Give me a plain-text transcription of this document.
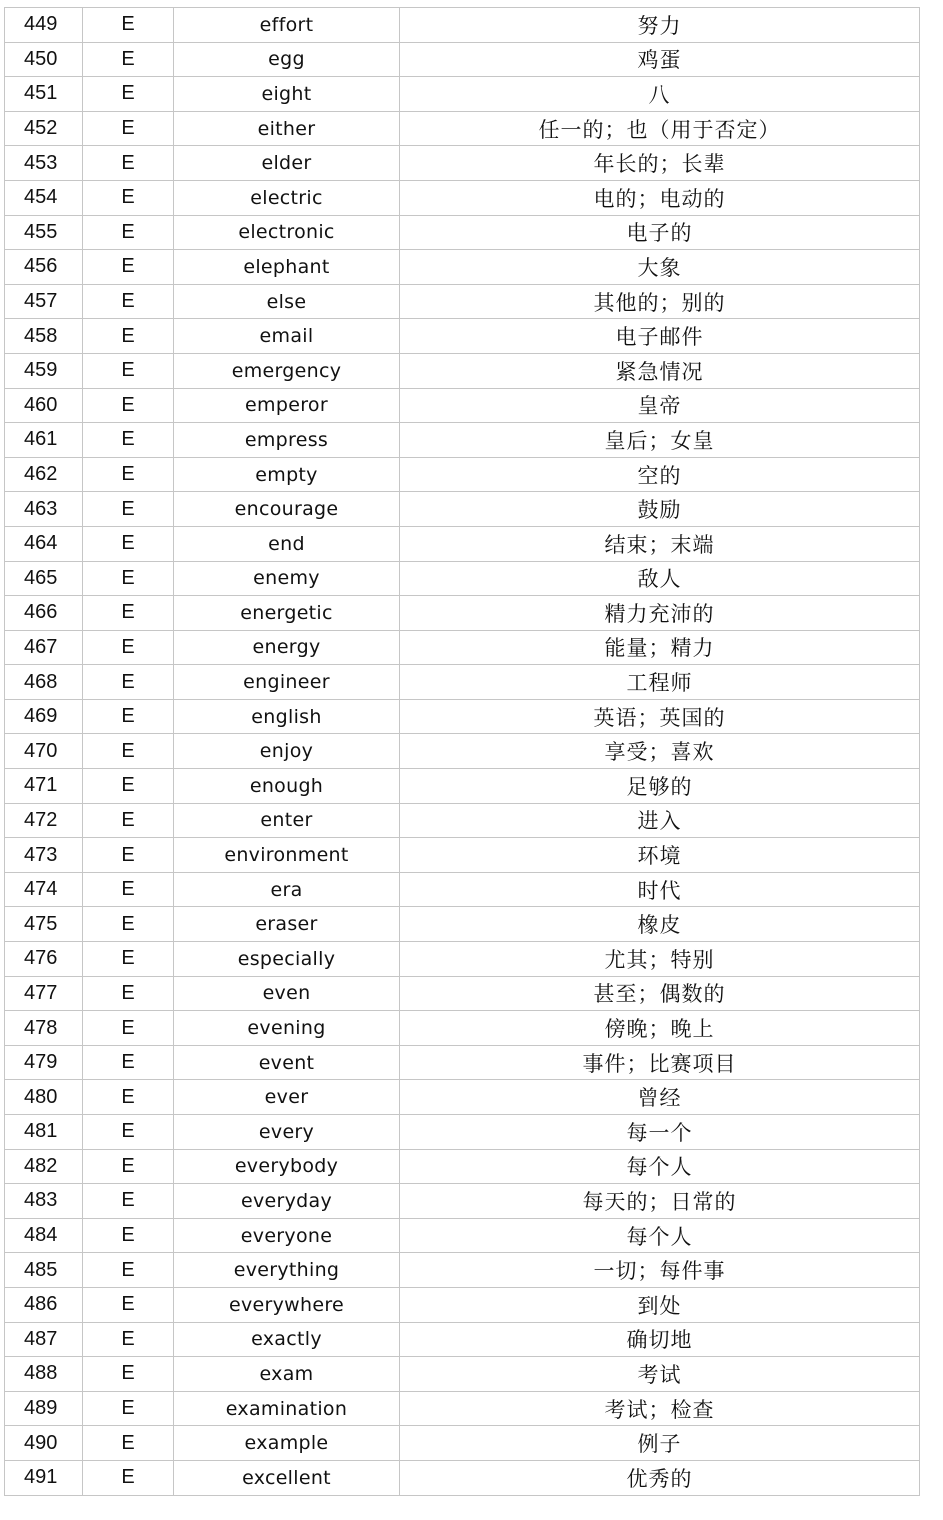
449	E	effort	努力
450	E	egg	鸡蛋
451	E	eight	八
452	E	either	任一的；也（用于否定）
453	E	elder	年长的；长辈
454	E	electric	电的；电动的
455	E	electronic	电子的
456	E	elephant	大象
457	E	else	其他的；别的
458	E	email	电子邮件
459	E	emergency	紧急情况
460	E	emperor	皇帝
461	E	empress	皇后；女皇
462	E	empty	空的
463	E	encourage	鼓励
464	E	end	结束；末端
465	E	enemy	敌人
466	E	energetic	精力充沛的
467	E	energy	能量；精力
468	E	engineer	工程师
469	E	english	英语；英国的
470	E	enjoy	享受；喜欢
471	E	enough	足够的
472	E	enter	进入
473	E	environment	环境
474	E	era	时代
475	E	eraser	橡皮
476	E	especially	尤其；特别
477	E	even	甚至；偶数的
478	E	evening	傍晚；晚上
479	E	event	事件；比赛项目
480	E	ever	曾经
481	E	every	每一个
482	E	everybody	每个人
483	E	everyday	每天的；日常的
484	E	everyone	每个人
485	E	everything	一切；每件事
486	E	everywhere	到处
487	E	exactly	确切地
488	E	exam	考试
489	E	examination	考试；检查
490	E	example	例子
491	E	excellent	优秀的
